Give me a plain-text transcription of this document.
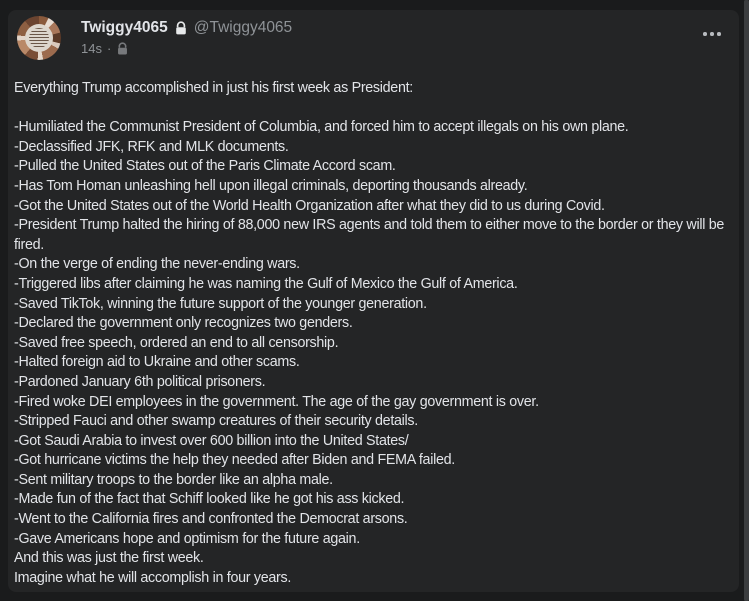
Twiggy4065 @Twiggy4065
14s ·
Everything Trump accomplished in just his first week as President:
-Humiliated the Communist President of Columbia, and forced him to accept illegals on his own plane.
-Declassified JFK, RFK and MLK documents.
-Pulled the United States out of the Paris Climate Accord scam.
-Has Tom Homan unleashing hell upon illegal criminals, deporting thousands already.
-Got the United States out of the World Health Organization after what they did to us during Covid.
-President Trump halted the hiring of 88,000 new IRS agents and told them to either move to the border or they will be fired.
-On the verge of ending the never-ending wars.
-Triggered libs after claiming he was naming the Gulf of Mexico the Gulf of America.
-Saved TikTok, winning the future support of the younger generation.
-Declared the government only recognizes two genders.
-Saved free speech, ordered an end to all censorship.
-Halted foreign aid to Ukraine and other scams.
-Pardoned January 6th political prisoners.
-Fired woke DEI employees in the government. The age of the gay government is over.
-Stripped Fauci and other swamp creatures of their security details.
-Got Saudi Arabia to invest over 600 billion into the United States/
-Got hurricane victims the help they needed after Biden and FEMA failed.
-Sent military troops to the border like an alpha male.
-Made fun of the fact that Schiff looked like he got his ass kicked.
-Went to the California fires and confronted the Democrat arsons.
-Gave Americans hope and optimism for the future again.
And this was just the first week.
Imagine what he will accomplish in four years.
